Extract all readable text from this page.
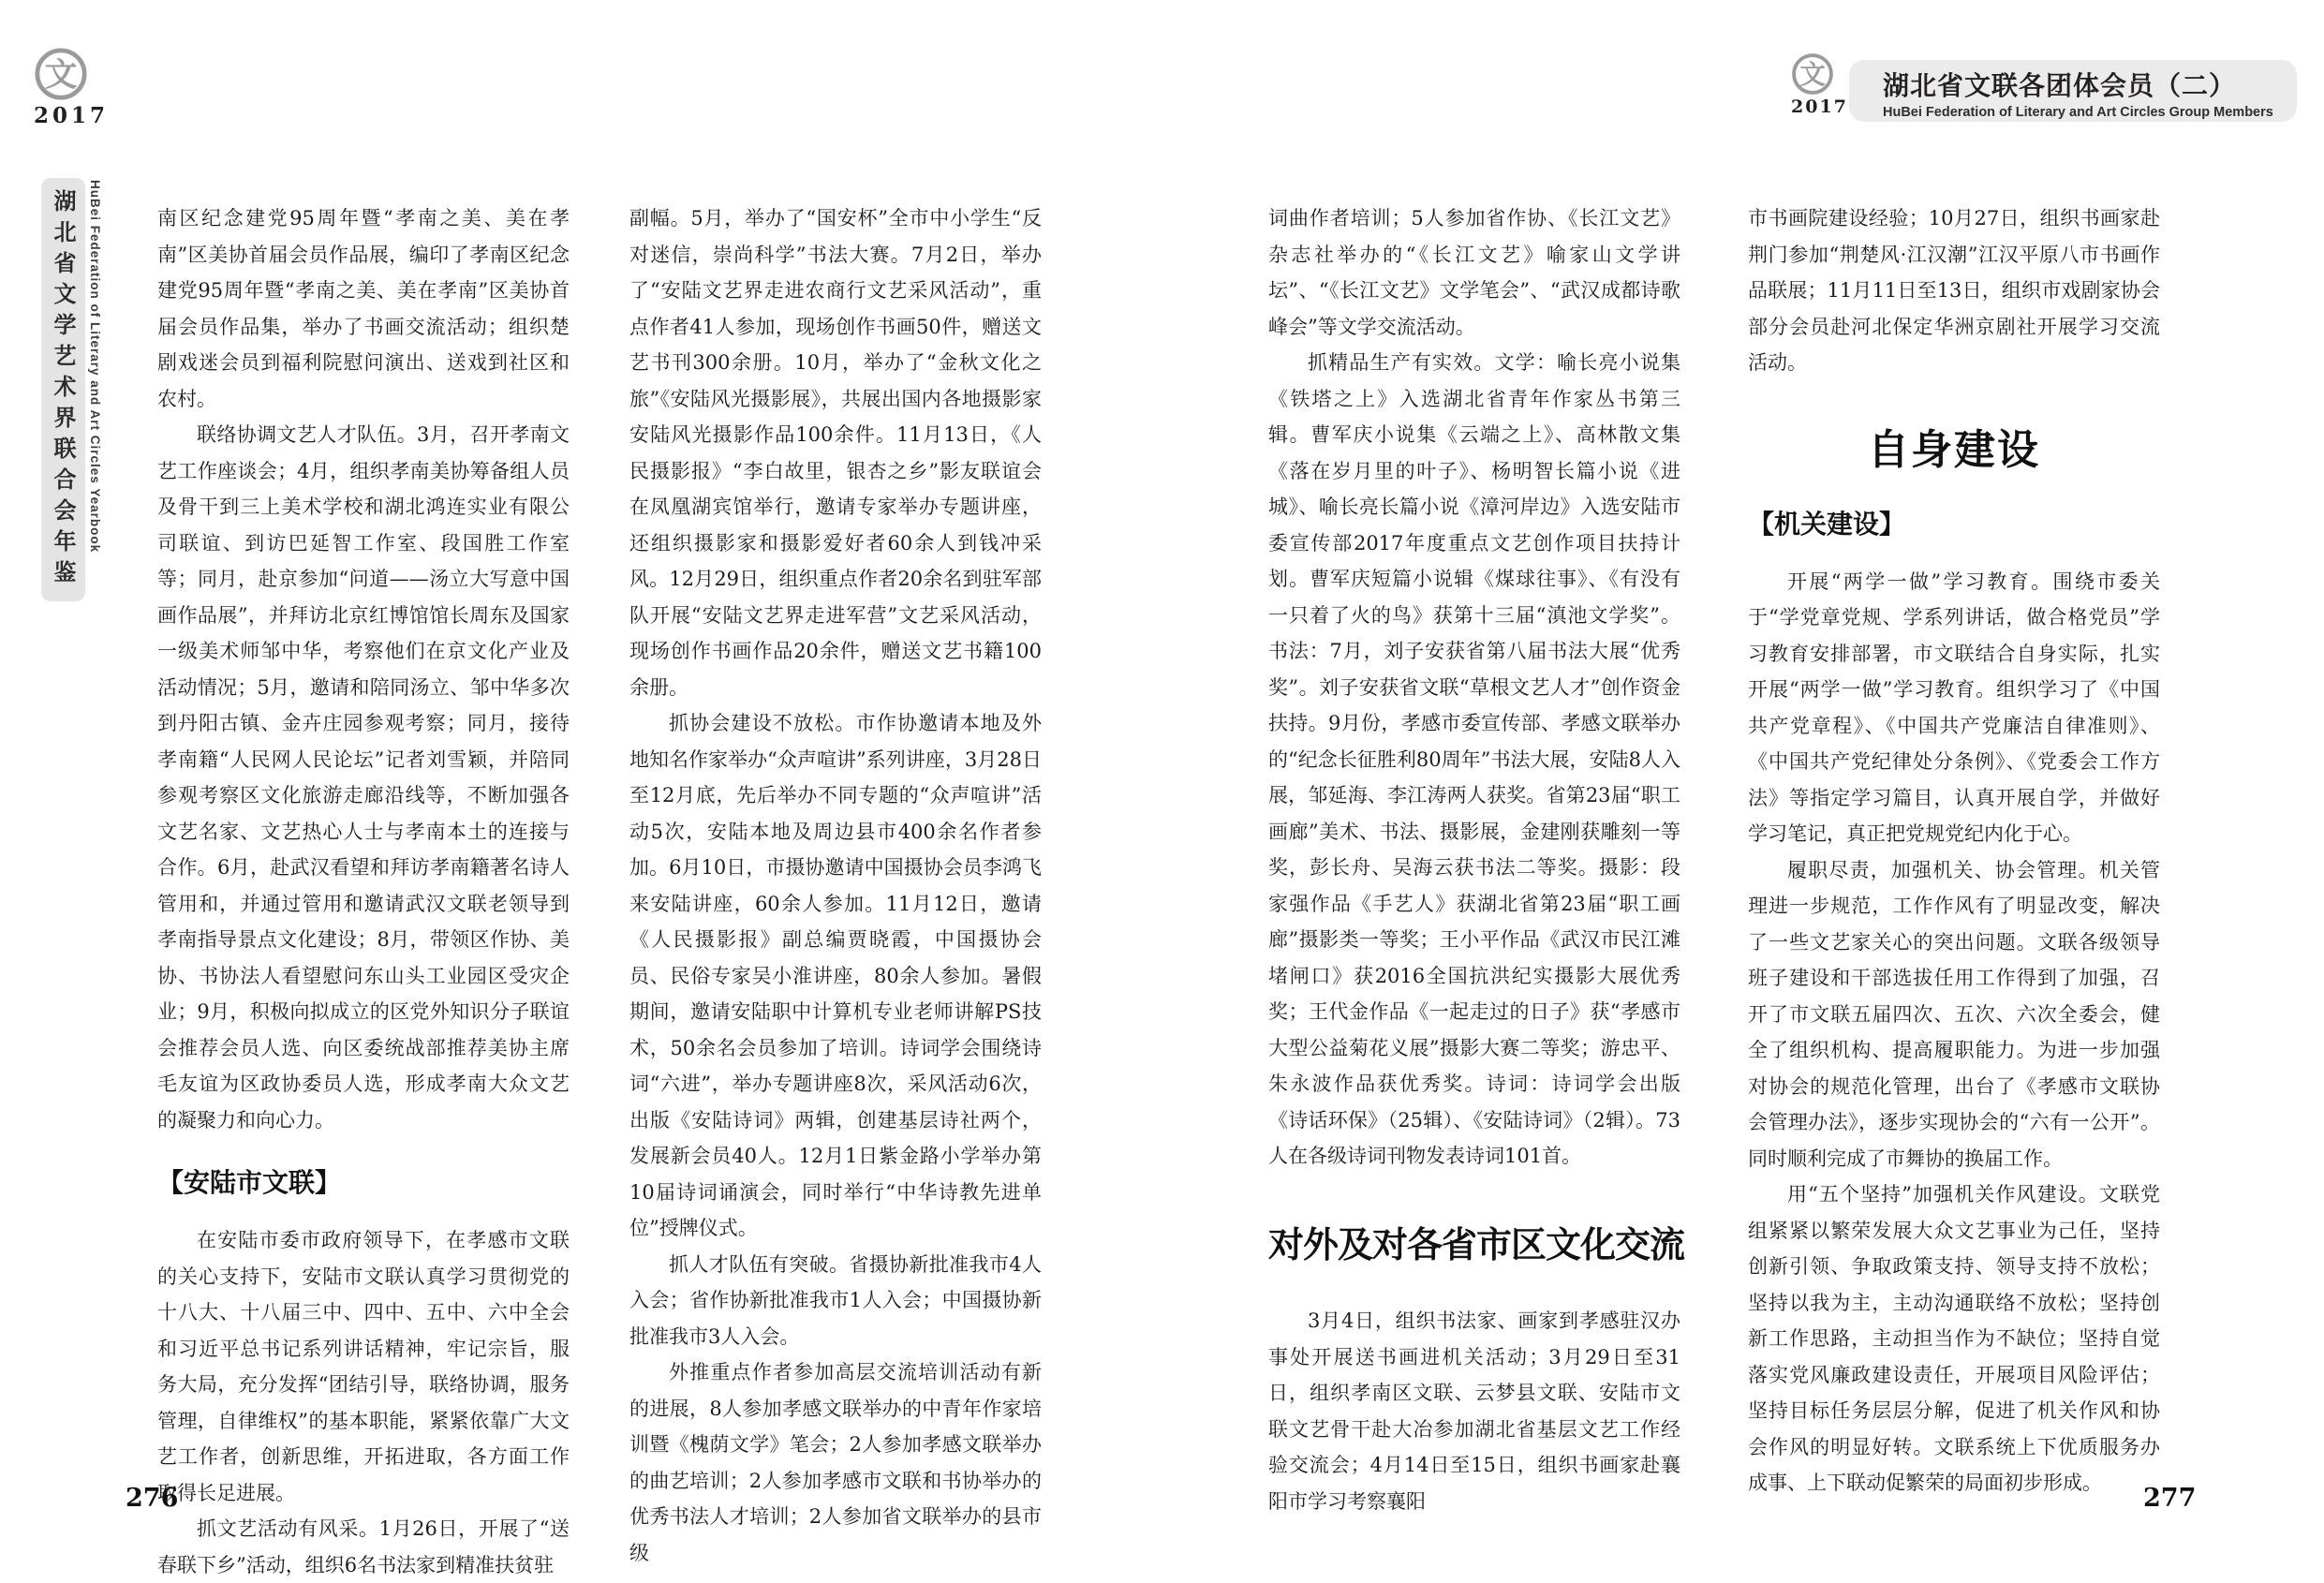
文
2017
湖北省文学艺术界联合会年鉴 HuBei Federation of Literary and Art Circles Yearbook
文
2017
湖北省文联各团体会员（二）
HuBei Federation of Literary and Art Circles Group Members

南区纪念建党95周年暨“孝南之美、美在孝南”区美协首届会员作品展，编印了孝南区纪念建党95周年暨“孝南之美、美在孝南”区美协首届会员作品集，举办了书画交流活动；组织楚剧戏迷会员到福利院慰问演出、送戏到社区和农村。

联络协调文艺人才队伍。3月，召开孝南文艺工作座谈会；4月，组织孝南美协筹备组人员及骨干到三上美术学校和湖北鸿连实业有限公司联谊、到访巴延智工作室、段国胜工作室等；同月，赴京参加“问道——汤立大写意中国画作品展”，并拜访北京红博馆馆长周东及国家一级美术师邹中华，考察他们在京文化产业及活动情况；5月，邀请和陪同汤立、邹中华多次到丹阳古镇、金卉庄园参观考察；同月，接待孝南籍“人民网人民论坛”记者刘雪颖，并陪同参观考察区文化旅游走廊沿线等，不断加强各文艺名家、文艺热心人士与孝南本土的连接与合作。6月，赴武汉看望和拜访孝南籍著名诗人管用和，并通过管用和邀请武汉文联老领导到孝南指导景点文化建设；8月，带领区作协、美协、书协法人看望慰问东山头工业园区受灾企业；9月，积极向拟成立的区党外知识分子联谊会推荐会员人选、向区委统战部推荐美协主席毛友谊为区政协委员人选，形成孝南大众文艺的凝聚力和向心力。

【安陆市文联】

在安陆市委市政府领导下，在孝感市文联的关心支持下，安陆市文联认真学习贯彻党的十八大、十八届三中、四中、五中、六中全会和习近平总书记系列讲话精神，牢记宗旨，服务大局，充分发挥“团结引导，联络协调，服务管理，自律维权”的基本职能，紧紧依靠广大文艺工作者，创新思维，开拓进取，各方面工作取得长足进展。

抓文艺活动有风采。1月26日，开展了“送春联下乡”活动，组织6名书法家到精准扶贫驻

副幅。5月，举办了“国安杯”全市中小学生“反对迷信，崇尚科学”书法大赛。7月2日，举办了“安陆文艺界走进农商行文艺采风活动”，重点作者41人参加，现场创作书画50件，赠送文艺书刊300余册。10月，举办了“金秋文化之旅”《安陆风光摄影展》，共展出国内各地摄影家安陆风光摄影作品100余件。11月13日，《人民摄影报》“李白故里，银杏之乡”影友联谊会在凤凰湖宾馆举行，邀请专家举办专题讲座，还组织摄影家和摄影爱好者60余人到钱冲采风。12月29日，组织重点作者20余名到驻军部队开展“安陆文艺界走进军营”文艺采风活动，现场创作书画作品20余件，赠送文艺书籍100余册。

抓协会建设不放松。市作协邀请本地及外地知名作家举办“众声喧讲”系列讲座，3月28日至12月底，先后举办不同专题的“众声喧讲”活动5次，安陆本地及周边县市400余名作者参加。6月10日，市摄协邀请中国摄协会员李鸿飞来安陆讲座，60余人参加。11月12日，邀请《人民摄影报》副总编贾晓霞，中国摄协会员、民俗专家吴小淮讲座，80余人参加。暑假期间，邀请安陆职中计算机专业老师讲解PS技术，50余名会员参加了培训。诗词学会围绕诗词“六进”，举办专题讲座8次，采风活动6次，出版《安陆诗词》两辑，创建基层诗社两个，发展新会员40人。12月1日紫金路小学举办第10届诗词诵演会，同时举行“中华诗教先进单位”授牌仪式。

抓人才队伍有突破。省摄协新批准我市4人入会；省作协新批准我市1人入会；中国摄协新批准我市3人入会。

外推重点作者参加高层交流培训活动有新的进展，8人参加孝感文联举办的中青年作家培训暨《槐荫文学》笔会；2人参加孝感文联举办的曲艺培训；2人参加孝感市文联和书协举办的优秀书法人才培训；2人参加省文联举办的县市级

词曲作者培训；5人参加省作协、《长江文艺》杂志社举办的“《长江文艺》喻家山文学讲坛”、“《长江文艺》文学笔会”、“武汉成都诗歌峰会”等文学交流活动。

抓精品生产有实效。文学：喻长亮小说集《铁塔之上》入选湖北省青年作家丛书第三辑。曹军庆小说集《云端之上》、高林散文集《落在岁月里的叶子》、杨明智长篇小说《进城》、喻长亮长篇小说《漳河岸边》入选安陆市委宣传部2017年度重点文艺创作项目扶持计划。曹军庆短篇小说辑《煤球往事》、《有没有一只着了火的鸟》获第十三届“滇池文学奖”。书法：7月，刘子安获省第八届书法大展“优秀奖”。刘子安获省文联“草根文艺人才”创作资金扶持。9月份，孝感市委宣传部、孝感文联举办的“纪念长征胜利80周年”书法大展，安陆8人入展，邹延海、李江涛两人获奖。省第23届“职工画廊”美术、书法、摄影展，金建刚获雕刻一等奖，彭长舟、吴海云获书法二等奖。摄影：段家强作品《手艺人》获湖北省第23届“职工画廊”摄影类一等奖；王小平作品《武汉市民江滩堵闸口》获2016全国抗洪纪实摄影大展优秀奖；王代金作品《一起走过的日子》获“孝感市大型公益菊花义展”摄影大赛二等奖；游忠平、朱永波作品获优秀奖。诗词：诗词学会出版《诗话环保》（25辑）、《安陆诗词》（2辑）。73人在各级诗词刊物发表诗词101首。

对外及对各省市区文化交流

3月4日，组织书法家、画家到孝感驻汉办事处开展送书画进机关活动；3月29日至31日，组织孝南区文联、云梦县文联、安陆市文联文艺骨干赴大冶参加湖北省基层文艺工作经验交流会；4月14日至15日，组织书画家赴襄阳市学习考察襄阳

市书画院建设经验；10月27日，组织书画家赴荆门参加“荆楚风·江汉潮”江汉平原八市书画作品联展；11月11日至13日，组织市戏剧家协会部分会员赴河北保定华洲京剧社开展学习交流活动。

自身建设
【机关建设】

开展“两学一做”学习教育。围绕市委关于“学党章党规、学系列讲话，做合格党员”学习教育安排部署，市文联结合自身实际，扎实开展“两学一做”学习教育。组织学习了《中国共产党章程》、《中国共产党廉洁自律准则》、《中国共产党纪律处分条例》、《党委会工作方法》等指定学习篇目，认真开展自学，并做好学习笔记，真正把党规党纪内化于心。

履职尽责，加强机关、协会管理。机关管理进一步规范，工作作风有了明显改变，解决了一些文艺家关心的突出问题。文联各级领导班子建设和干部选拔任用工作得到了加强，召开了市文联五届四次、五次、六次全委会，健全了组织机构、提高履职能力。为进一步加强对协会的规范化管理，出台了《孝感市文联协会管理办法》，逐步实现协会的“六有一公开”。同时顺利完成了市舞协的换届工作。

用“五个坚持”加强机关作风建设。文联党组紧紧以繁荣发展大众文艺事业为己任，坚持创新引领、争取政策支持、领导支持不放松；坚持以我为主，主动沟通联络不放松；坚持创新工作思路，主动担当作为不缺位；坚持自觉落实党风廉政建设责任，开展项目风险评估；坚持目标任务层层分解，促进了机关作风和协会作风的明显好转。文联系统上下优质服务办成事、上下联动促繁荣的局面初步形成。

276	277
